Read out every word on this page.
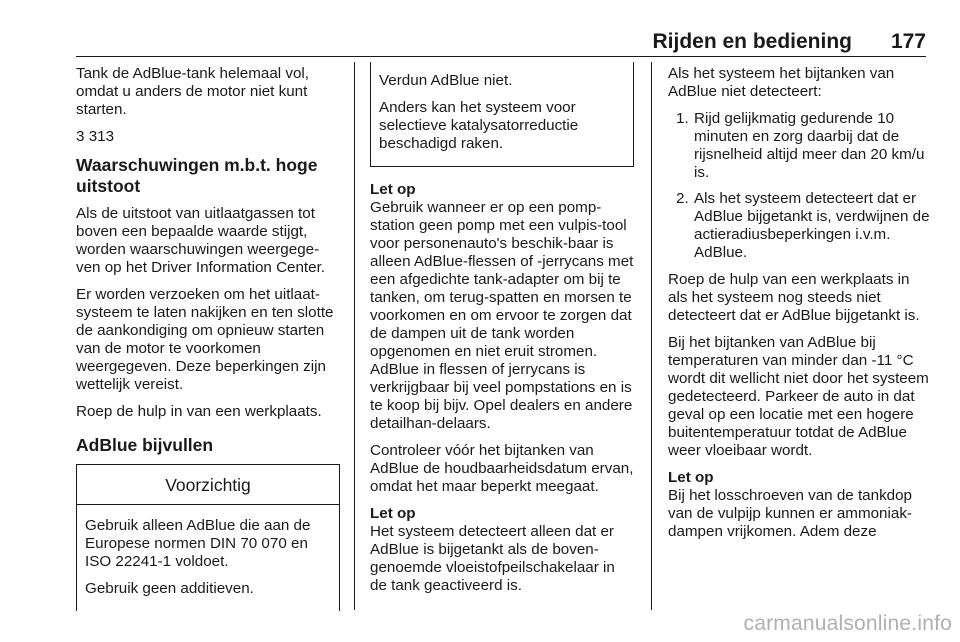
Rijden en bediening 177

Tank de AdBlue-tank helemaal vol, omdat u anders de motor niet kunt starten.

3 313

Waarschuwingen m.b.t. hoge uitstoot

Als de uitstoot van uitlaatgassen tot boven een bepaalde waarde stijgt, worden waarschuwingen weergege-ven op het Driver Information Center.

Er worden verzoeken om het uitlaat-systeem te laten nakijken en ten slotte de aankondiging om opnieuw starten van de motor te voorkomen weergegeven. Deze beperkingen zijn wettelijk vereist.

Roep de hulp in van een werkplaats.

AdBlue bijvullen
Voorzichtig

Gebruik alleen AdBlue die aan de Europese normen DIN 70 070 en ISO 22241-1 voldoet.

Gebruik geen additieven.

Verdun AdBlue niet.

Anders kan het systeem voor selectieve katalysatorreductie beschadigd raken.

Let op

Gebruik wanneer er op een pomp-station geen pomp met een vulpis-tool voor personenauto's beschik-baar is alleen AdBlue-flessen of -jerrycans met een afgedichte tank-adapter om bij te tanken, om terug-spatten en morsen te voorkomen en om ervoor te zorgen dat de dampen uit de tank worden opgenomen en niet eruit stromen. AdBlue in flessen of jerrycans is verkrijgbaar bij veel pompstations en is te koop bij bijv. Opel dealers en andere detailhan-delaars.

Controleer vóór het bijtanken van AdBlue de houdbaarheidsdatum ervan, omdat het maar beperkt meegaat.

Let op

Het systeem detecteert alleen dat er AdBlue is bijgetankt als de boven-genoemde vloeistofpeilschakelaar in de tank geactiveerd is.

Als het systeem het bijtanken van AdBlue niet detecteert:

1. Rijd gelijkmatig gedurende 10 minuten en zorg daarbij dat de rijsnelheid altijd meer dan 20 km/u is.
2. Als het systeem detecteert dat er AdBlue bijgetankt is, verdwijnen de actieradiusbeperkingen i.v.m. AdBlue.

Roep de hulp van een werkplaats in als het systeem nog steeds niet detecteert dat er AdBlue bijgetankt is.

Bij het bijtanken van AdBlue bij temperaturen van minder dan -11 °C wordt dit wellicht niet door het systeem gedetecteerd. Parkeer de auto in dat geval op een locatie met een hogere buitentemperatuur totdat de AdBlue weer vloeibaar wordt.

Let op

Bij het losschroeven van de tankdop van de vulpijp kunnen er ammoniak-dampen vrijkomen. Adem deze

carmanualsonline.info
